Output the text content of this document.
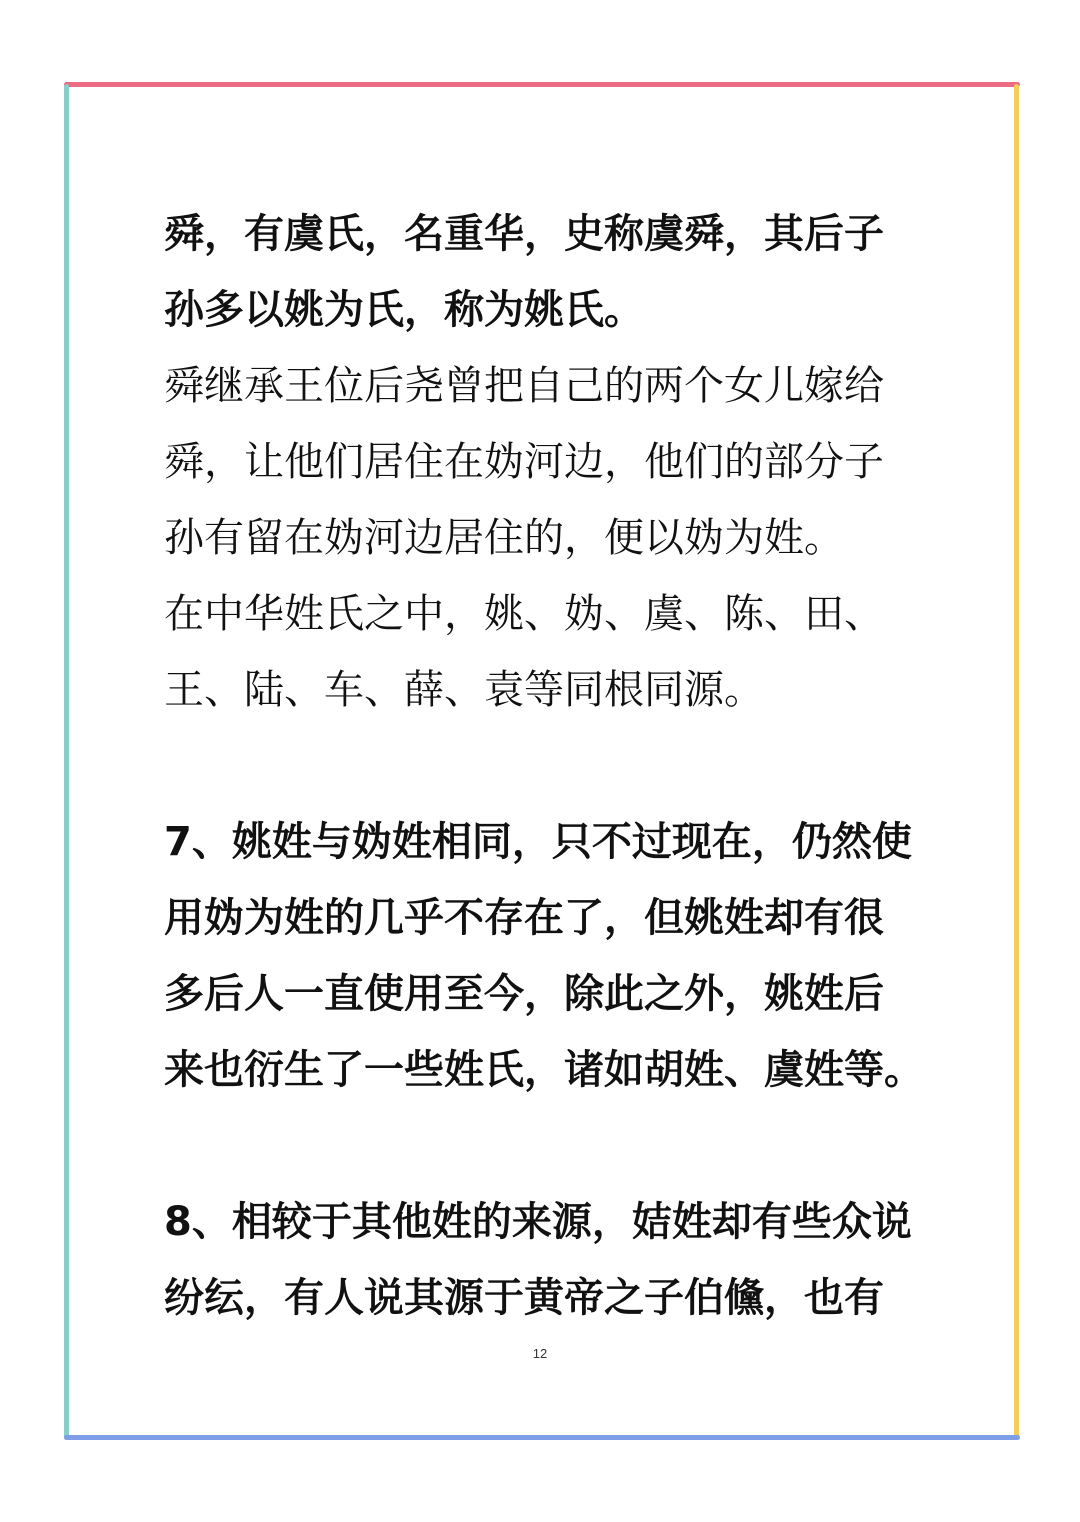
舜，有虞氏，名重华，史称虞舜，其后子
孙多以姚为氏，称为姚氏。
舜继承王位后尧曾把自己的两个女儿嫁给
舜，让他们居住在妫河边，他们的部分子
孙有留在妫河边居住的，便以妫为姓。
在中华姓氏之中，姚、妫、虞、陈、田、
王、陆、车、薛、袁等同根同源。
7、姚姓与妫姓相同，只不过现在，仍然使
用妫为姓的几乎不存在了，但姚姓却有很
多后人一直使用至今，除此之外，姚姓后
来也衍生了一些姓氏，诸如胡姓、虞姓等。
8、相较于其他姓的来源，姞姓却有些众说
纷纭，有人说其源于黄帝之子伯儵，也有
12
